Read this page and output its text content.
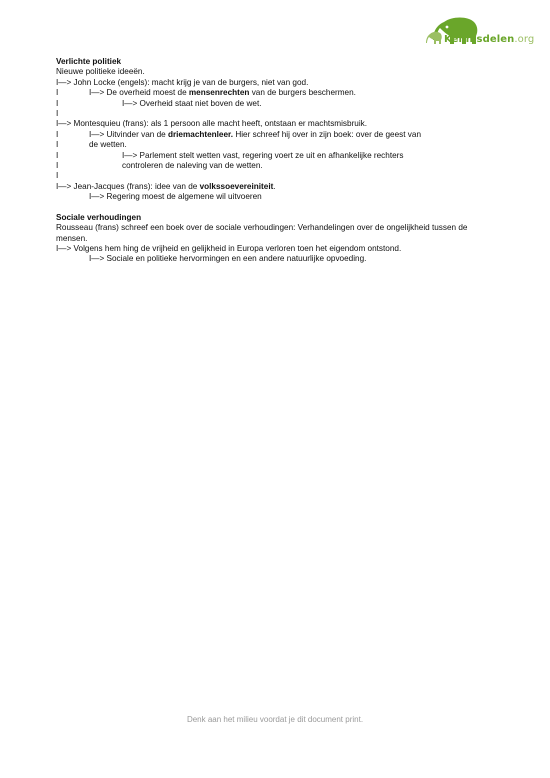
Kennisdelen.org
Verlichte politiek
Nieuwe politieke ideeën.
I—> John Locke (engels): macht krijg je van de burgers, niet van god.
I	I—> De overheid moest de mensenrechten van de burgers beschermen.
I	I—> Overheid staat niet boven de wet.
I
I—> Montesquieu (frans): als 1 persoon alle macht heeft, ontstaan er machtsmisbruik.
I	I—> Uitvinder van de driemachtenleer. Hier schreef hij over in zijn boek: over de geest van
I	de wetten.
I	I—> Parlement stelt wetten vast, regering voert ze uit en afhankelijke rechters
I	controleren de naleving van de wetten.
I
I—> Jean-Jacques (frans): idee van de volkssoevereiniteit.
I—> Regering moest de algemene wil uitvoeren
Sociale verhoudingen
Rousseau (frans) schreef een boek over de sociale verhoudingen: Verhandelingen over de ongelijkheid tussen de mensen.
I—> Volgens hem hing de vrijheid en gelijkheid in Europa verloren toen het eigendom ontstond.
I—> Sociale en politieke hervormingen en een andere natuurlijke opvoeding.
Denk aan het milieu voordat je dit document print.
